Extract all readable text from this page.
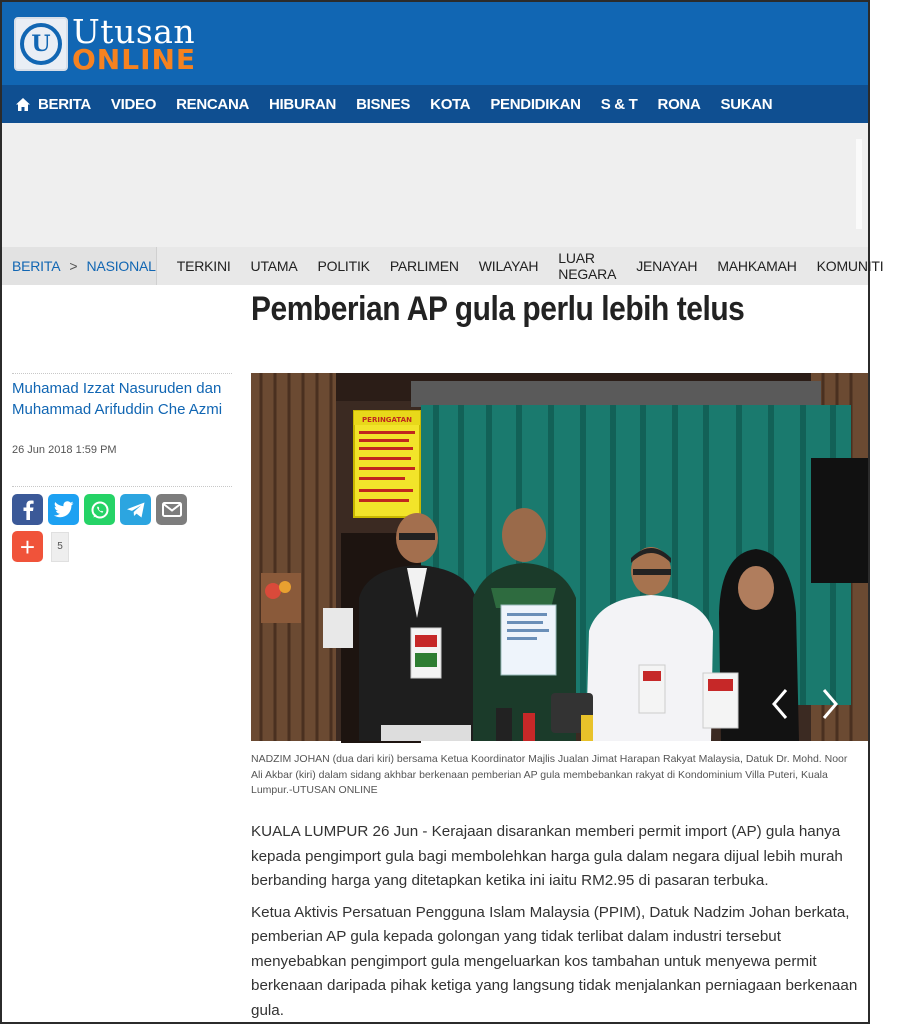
U Utusan
ONLINE
BERITA VIDEO RENCANA HIBURAN BISNES KOTA PENDIDIKAN S & T RONA SUKAN
BERITA > NASIONAL TERKINI UTAMA POLITIK PARLIMEN WILAYAH LUAR NEGARA JENAYAH MAHKAMAH KOMUNITI
Pemberian AP gula perlu lebih telus
Muhamad Izzat Nasuruden dan Muhammad Arifuddin Che Azmi
26 Jun 2018 1:59 PM
+	5
PERINGATAN
NADZIM JOHAN (dua dari kiri) bersama Ketua Koordinator Majlis Jualan Jimat Harapan Rakyat Malaysia, Datuk Dr. Mohd. Noor Ali Akbar (kiri) dalam sidang akhbar berkenaan pemberian AP gula membebankan rakyat di Kondominium Villa Puteri, Kuala Lumpur.-UTUSAN ONLINE

KUALA LUMPUR 26 Jun - Kerajaan disarankan memberi permit import (AP) gula hanya kepada pengimport gula bagi membolehkan harga gula dalam negara dijual lebih murah berbanding harga yang ditetapkan ketika ini iaitu RM2.95 di pasaran terbuka.

Ketua Aktivis Persatuan Pengguna Islam Malaysia (PPIM), Datuk Nadzim Johan berkata, pemberian AP gula kepada golongan yang tidak terlibat dalam industri tersebut menyebabkan pengimport gula mengeluarkan kos tambahan untuk menyewa permit berkenaan daripada pihak ketiga yang langsung tidak menjalankan perniagaan berkenaan gula.
